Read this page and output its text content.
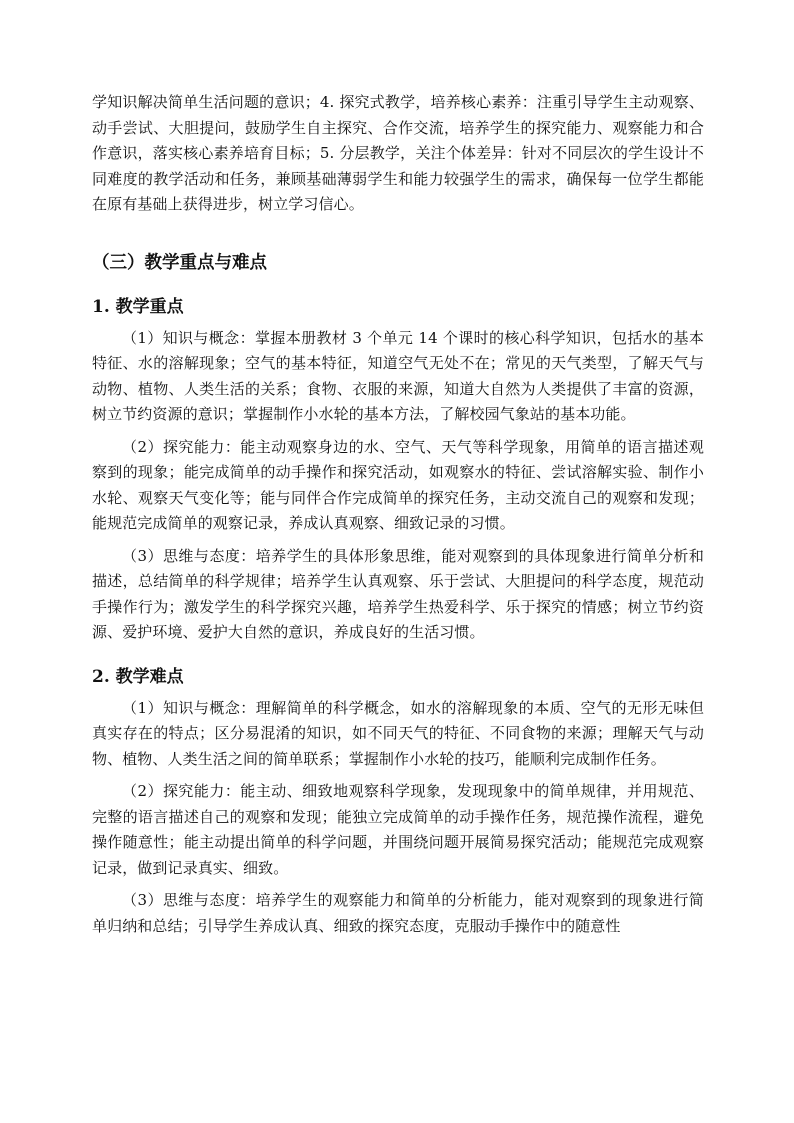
学知识解决简单生活问题的意识；4. 探究式教学，培养核心素养：注重引导学生主动观察、动手尝试、大胆提问，鼓励学生自主探究、合作交流，培养学生的探究能力、观察能力和合作意识，落实核心素养培育目标；5. 分层教学，关注个体差异：针对不同层次的学生设计不同难度的教学活动和任务，兼顾基础薄弱学生和能力较强学生的需求，确保每一位学生都能在原有基础上获得进步，树立学习信心。

（三）教学重点与难点
1. 教学重点

（1）知识与概念：掌握本册教材 3 个单元 14 个课时的核心科学知识，包括水的基本特征、水的溶解现象；空气的基本特征，知道空气无处不在；常见的天气类型，了解天气与动物、植物、人类生活的关系；食物、衣服的来源，知道大自然为人类提供了丰富的资源，树立节约资源的意识；掌握制作小水轮的基本方法，了解校园气象站的基本功能。

（2）探究能力：能主动观察身边的水、空气、天气等科学现象，用简单的语言描述观察到的现象；能完成简单的动手操作和探究活动，如观察水的特征、尝试溶解实验、制作小水轮、观察天气变化等；能与同伴合作完成简单的探究任务，主动交流自己的观察和发现；能规范完成简单的观察记录，养成认真观察、细致记录的习惯。

（3）思维与态度：培养学生的具体形象思维，能对观察到的具体现象进行简单分析和描述，总结简单的科学规律；培养学生认真观察、乐于尝试、大胆提问的科学态度，规范动手操作行为；激发学生的科学探究兴趣，培养学生热爱科学、乐于探究的情感；树立节约资源、爱护环境、爱护大自然的意识，养成良好的生活习惯。

2. 教学难点

（1）知识与概念：理解简单的科学概念，如水的溶解现象的本质、空气的无形无味但真实存在的特点；区分易混淆的知识，如不同天气的特征、不同食物的来源；理解天气与动物、植物、人类生活之间的简单联系；掌握制作小水轮的技巧，能顺利完成制作任务。

（2）探究能力：能主动、细致地观察科学现象，发现现象中的简单规律，并用规范、完整的语言描述自己的观察和发现；能独立完成简单的动手操作任务，规范操作流程，避免操作随意性；能主动提出简单的科学问题，并围绕问题开展简易探究活动；能规范完成观察记录，做到记录真实、细致。

（3）思维与态度：培养学生的观察能力和简单的分析能力，能对观察到的现象进行简单归纳和总结；引导学生养成认真、细致的探究态度，克服动手操作中的随意性
